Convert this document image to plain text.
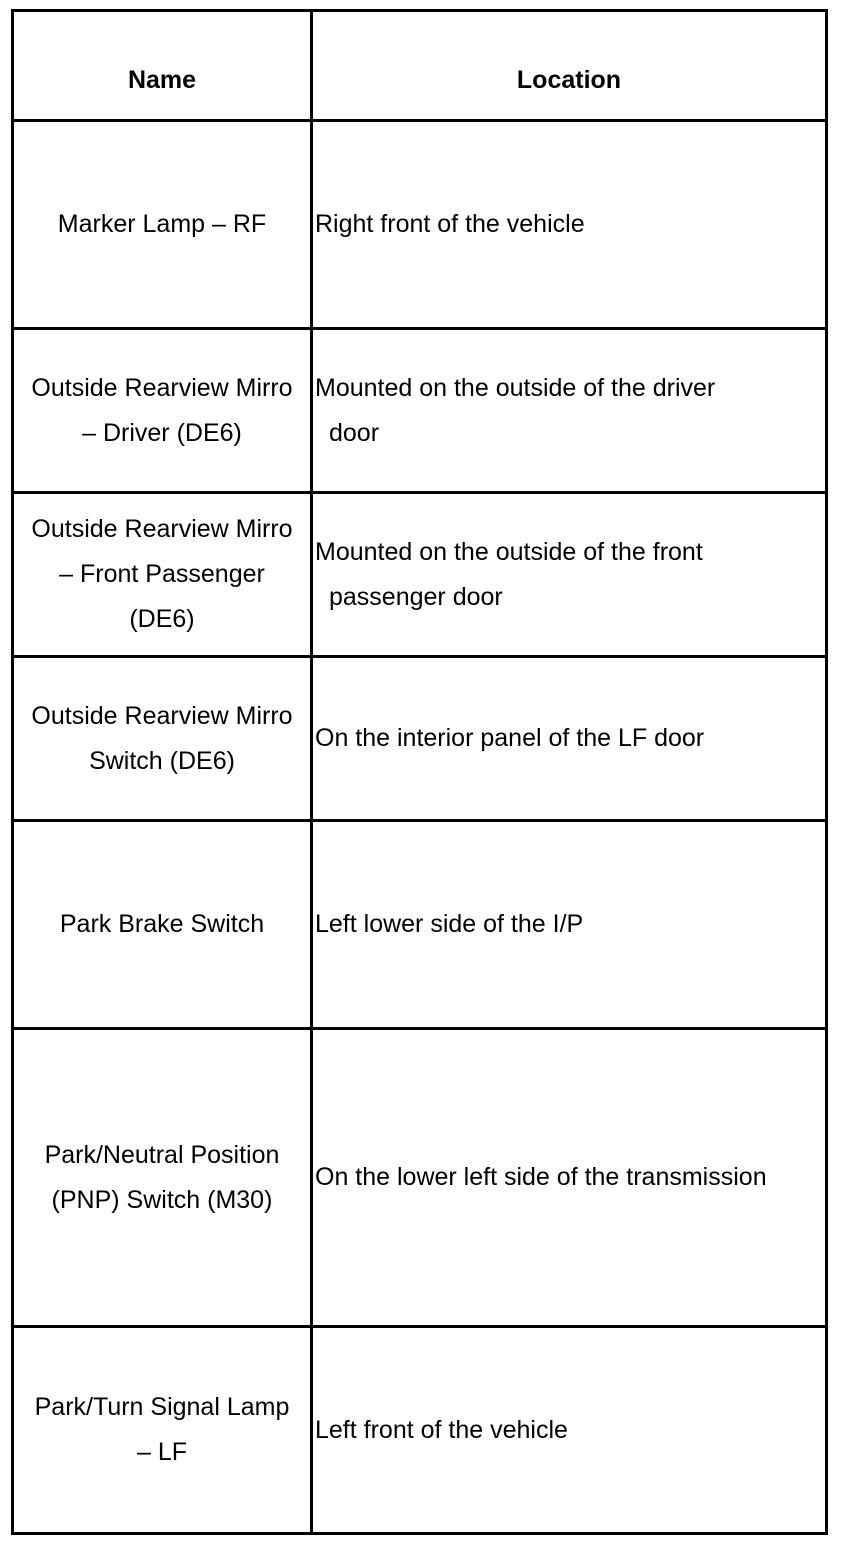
Name	Location
Marker Lamp – RF Right front of the vehicle
Outside Rearview Mirro
– Driver (DE6)
Mounted on the outside of the driver
door
Outside Rearview Mirro
– Front Passenger
(DE6)
Mounted on the outside of the front
passenger door
Outside Rearview Mirro
Switch (DE6)
On the interior panel of the LF door
Park Brake Switch Left lower side of the I/P
Park/Neutral Position
(PNP) Switch (M30)
On the lower left side of the transmission
Park/Turn Signal Lamp
– LF
Left front of the vehicle
